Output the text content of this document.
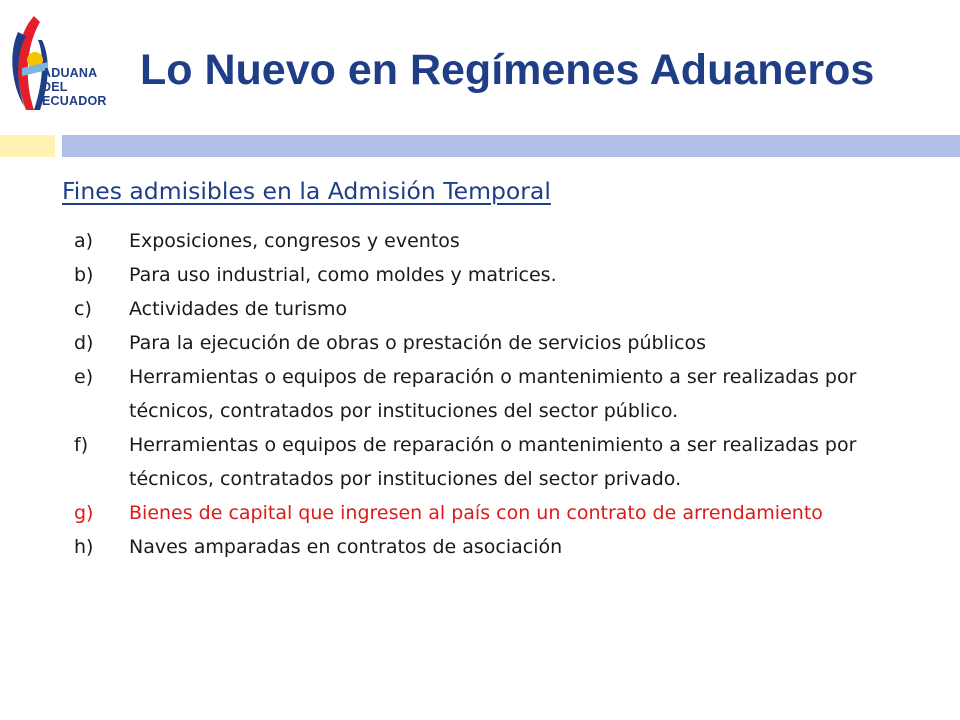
ADUANA
DEL
ECUADOR
Lo Nuevo en Regímenes Aduaneros
Fines admisibles en la Admisión Temporal
a) Exposiciones, congresos y eventos
b) Para uso industrial, como moldes y matrices.
c) Actividades de turismo
d) Para la ejecución de obras o prestación de servicios públicos
e) Herramientas o equipos de reparación o mantenimiento a ser realizadas por técnicos, contratados por instituciones del sector público.
f) Herramientas o equipos de reparación o mantenimiento a ser realizadas por técnicos, contratados por instituciones del sector privado.
g) Bienes de capital que ingresen al país con un contrato de arrendamiento
h) Naves amparadas en contratos de asociación
